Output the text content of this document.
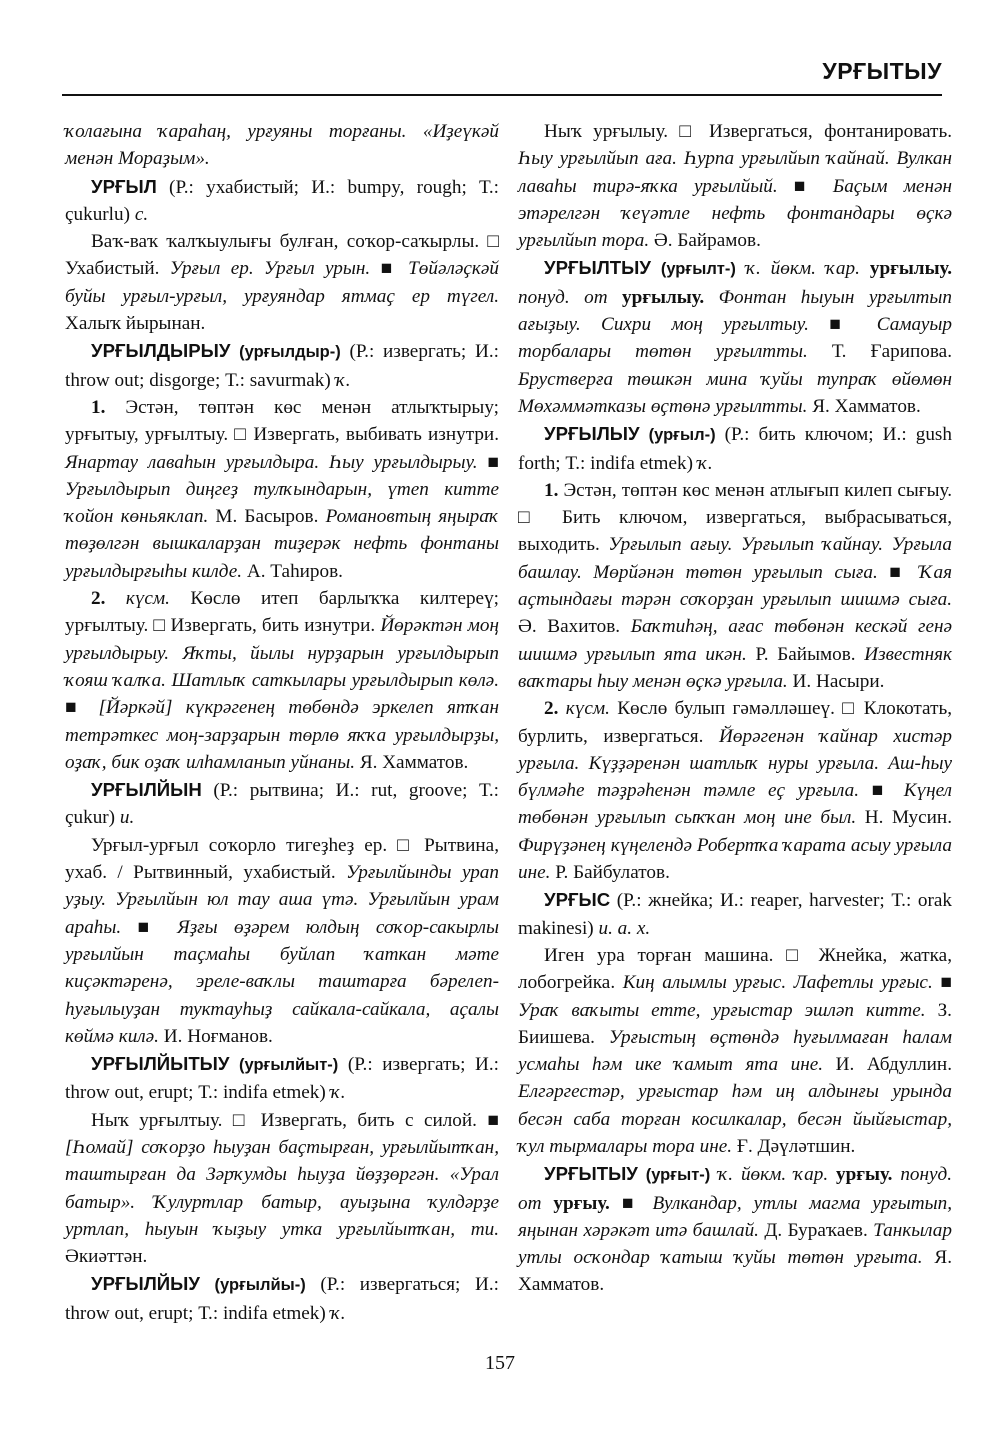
УРҒЫТЫУ

ҡолағына ҡараһаң, урғуяны торғаны. «Иҙеүкәй менән Мораҙым».

УРҒЫЛ (Р.: ухабистый; И.: bumpy, rough; Т.: çukurlu) с.

Ваҡ-ваҡ ҡалҡыулығы булған, соҡор-саҡырлы. □ Ухабистый. Урғыл ер. Урғыл урын. ■ Төйәләҫкәй буйы урғыл-урғыл, урғуяндар ятмаҫ ер түгел. Халыҡ йырынан.

УРҒЫЛДЫРЫУ (урғылдыр-) (Р.: извергать; И.: throw out; disgorge; Т.: savurmak) ҡ.

1. Эстән, төптән көс менән атлыҡтырыу; урғытыу, урғылтыу. □ Извергать, выбивать изнутри. Янартау лаваһын урғылдыра. Һыу урғылдырыу. ■ Урғылдырып диңгеҙ тулҡындарын, үтеп китте ҡойон көньяклап. М. Басыров. Романовтың яңыраҡ төҙөлгән вышкаларҙан тиҙерәк нефть фонтаны урғылдырғыһы килде. А. Таһиров.

2. күсм. Көслө итеп барлыҡҡа килтереү; урғылтыу. □ Извергать, бить изнутри. Йөрәктән моң урғылдырыу. Яҡты, йылы нурҙарын урғылдырып ҡояш ҡалҡа. Шатлыҡ саткылары урғылдырып көлә. ■ [Йәркәй] күкрәгенең төбөндә эркелеп ятҡан тетрәткес моң-зарҙарын төрлө яҡҡа урғылдырҙы, оҙаҡ, бик оҙаҡ илһамланып уйнаны. Я. Хамматов.

УРҒЫЛЙЫН (Р.: рытвина; И.: rut, groove; Т.: çukur) и.

Урғыл-урғыл соҡорло тигеҙһеҙ ер. □ Рытвина, ухаб. / Рытвинный, ухабистый. Урғылйынды урап уҙыу. Урғылйын юл тау аша үтә. Урғылйын урам араһы. ■ Яҙғы өҙәрем юлдың соҡор-сакырлы урғылйын таҫмаһы буйлап ҡаткан мәте киҫәктәренә, эреле-ваҡлы таштарға бәрелеп-һуғылыуҙан туктауһыҙ сайкала-сайкала, аҫалы көймә килә. И. Ноғманов.

УРҒЫЛЙЫТЫУ (урғылйыт-) (Р.: извергать; И.: throw out, erupt; Т.: indifa etmek) ҡ.

Ныҡ урғылтыу. □ Извергать, бить с силой. ■ [Һомай] соҡорҙо һыуҙан баҫтырған, урғылйытҡан, таштырған да Зәрҡумды һыуҙа йөҙҙөргән. «Урал батыр». Ҡулуртлар батыр, ауыҙына ҡулдәрҙе уртлап, һыуын ҡыҙыу утка урғылйытҡан, ти. Әкиәттән.

УРҒЫЛЙЫУ (урғылйы-) (Р.: извергаться; И.: throw out, erupt; Т.: indifa etmek) ҡ.

Ныҡ урғылыу. □ Извергаться, фонтанировать. Һыу урғылйып аға. Һурпа урғылйып ҡайнай. Вулкан лаваһы тирә-яҡка урғылйый. ■ Баҫым менән этәрелгән ҡеүәтле нефть фонтандары өҫкә урғылйып тора. Ә. Байрамов.

УРҒЫЛТЫУ (урғылт-) ҡ. йөкм. ҡар. урғылыу. понуд. от урғылыу. Фонтан һыуын урғылтып ағыҙыу. Сихри моң урғылтыу. ■ Самауыр торбалары төтөн урғылтты. Т. Ғарипова. Брустверға төшкән мина ҡуйы тупраҡ өйөмөн Мөхәммәтказы өҫтөнә урғылтты. Я. Хамматов.

УРҒЫЛЫУ (урғыл-) (Р.: бить ключом; И.: gush forth; Т.: indifa etmek) ҡ.

1. Эстән, төптән көс менән атлығып килеп сығыу. □ Бить ключом, извергаться, выбрасываться, выходить. Урғылып ағыу. Урғылып ҡайнау. Урғыла башлау. Мөрйәнән төтөн урғылып сыға. ■ Ҡая аҫтындағы тәрән соҡорҙан урғылып шишмә сыға. Ә. Вахитов. Баҡтиһәң, ағас төбөнән кескәй генә шишмә урғылып ята икән. Р. Байымов. Известняк ваҡтары һыу менән өҫкә урғыла. И. Насыри.

2. күсм. Көслө булып гәмәлләшеү. □ Клокотать, бурлить, извергаться. Йөрәгенән ҡайнар хистәр урғыла. Күҙҙәренән шатлыҡ нуры урғыла. Аш-һыу бүлмәһе тәҙрәһенән тәмле еҫ урғыла. ■ Күңел төбөнән урғылып сыҡҡан моң ине был. Н. Мусин. Фирүҙәнең күңелендә Робертҡа ҡарата асыу урғыла ине. Р. Байбулатов.

УРҒЫС (Р.: жнейка; И.: reaper, harvester; Т.: orak makinesi) и. а. х.

Иген ура торған машина. □ Жнейка, жатка, лобогрейка. Киң алымлы урғыс. Лафетлы урғыс. ■ Ураҡ ваҡыты етте, урғыстар эшләп китте. З. Биишева. Урғыстың өҫтөндә һуғылмаған һалам усмаһы һәм ике ҡамыт ята ине. И. Абдуллин. Елгәргестәр, урғыстар һәм иң алдынғы урында бесән саба торған косилкалар, бесән йыйғыстар, ҡул тырмалары тора ине. Ғ. Дәүләтшин.

УРҒЫТЫУ (урғыт-) ҡ. йөкм. ҡар. урғыу. понуд. от урғыу. ■ Вулкандар, утлы магма урғытып, яңынан хәрәкәт итә башлай. Д. Бураҡаев. Танкылар утлы осҡондар ҡатыш ҡуйы төтөн урғыта. Я. Хамматов.

157
